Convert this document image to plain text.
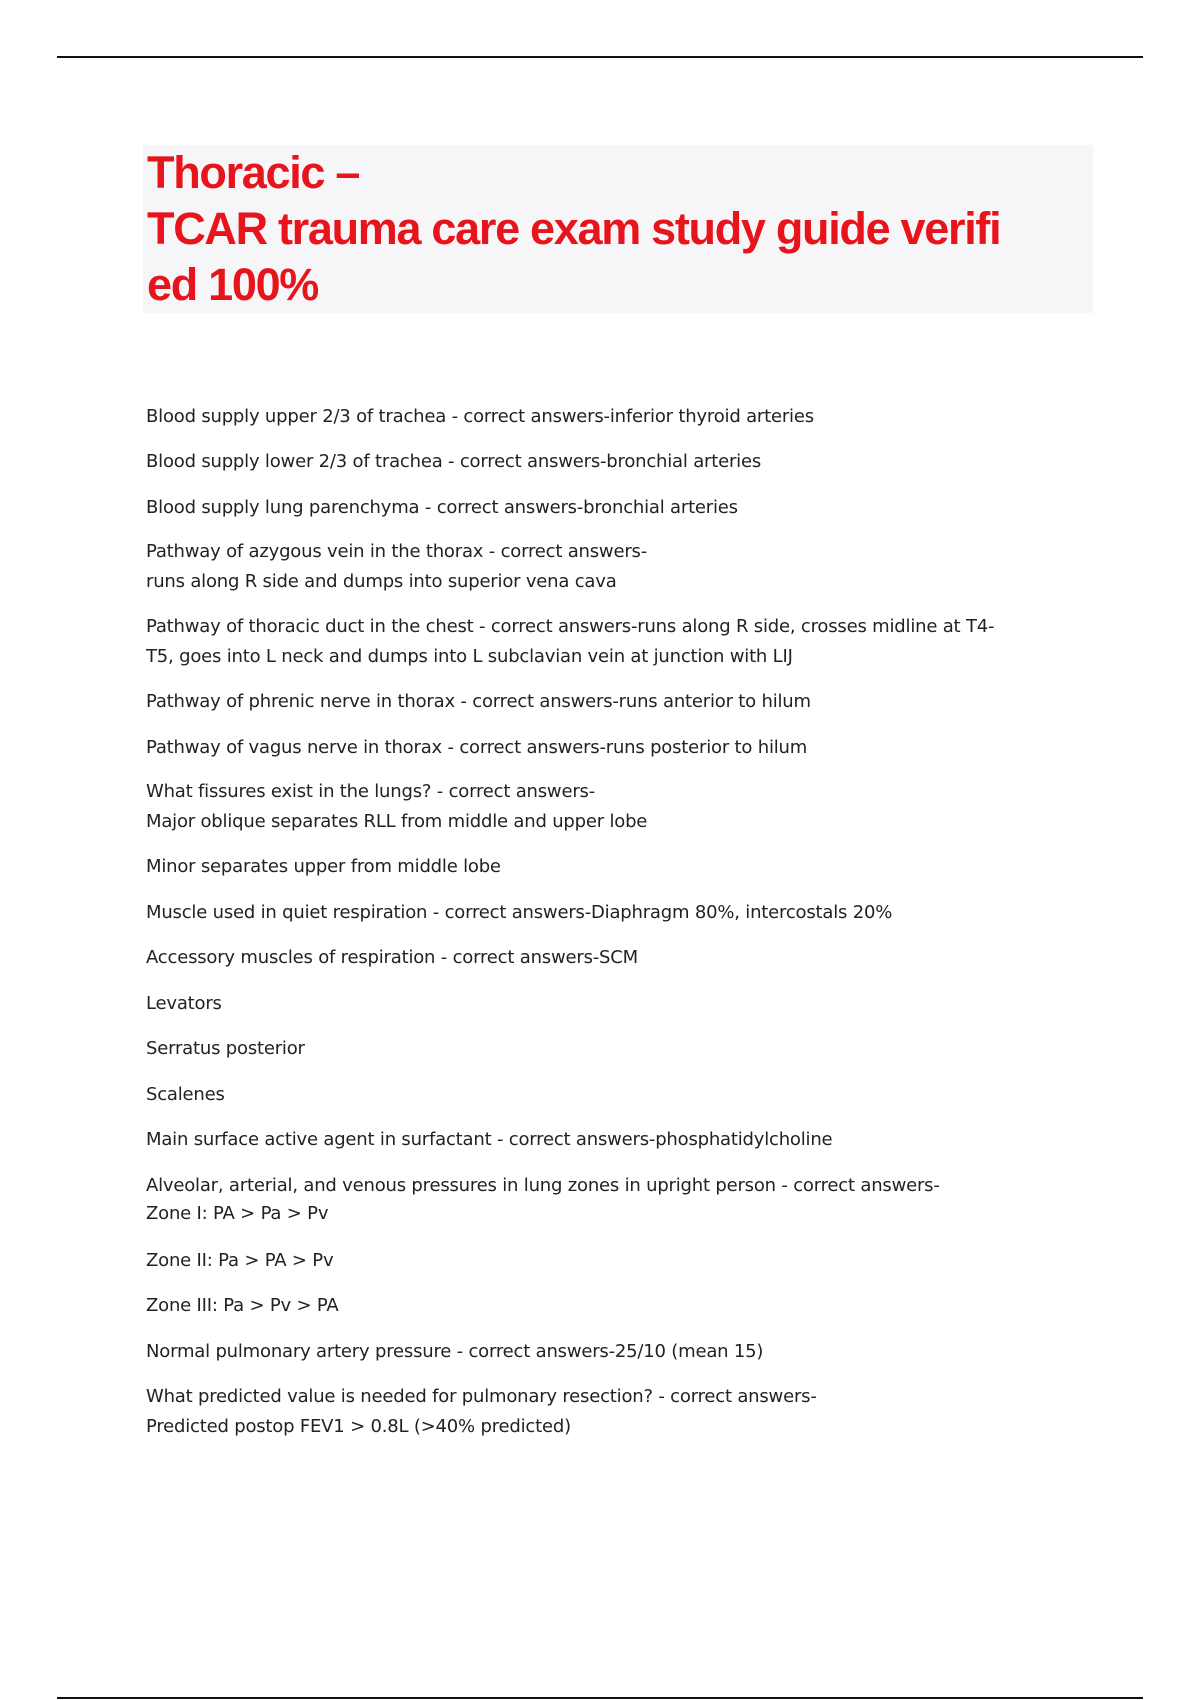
Thoracic –
TCAR trauma care exam study guide verifi
ed 100%
Blood supply upper 2/3 of trachea - correct answers-inferior thyroid arteries
Blood supply lower 2/3 of trachea - correct answers-bronchial arteries
Blood supply lung parenchyma - correct answers-bronchial arteries
Pathway of azygous vein in the thorax - correct answers-
runs along R side and dumps into superior vena cava
Pathway of thoracic duct in the chest - correct answers-runs along R side, crosses midline at T4-
T5, goes into L neck and dumps into L subclavian vein at junction with LIJ
Pathway of phrenic nerve in thorax - correct answers-runs anterior to hilum
Pathway of vagus nerve in thorax - correct answers-runs posterior to hilum
What fissures exist in the lungs? - correct answers-
Major oblique separates RLL from middle and upper lobe
Minor separates upper from middle lobe
Muscle used in quiet respiration - correct answers-Diaphragm 80%, intercostals 20%
Accessory muscles of respiration - correct answers-SCM
Levators
Serratus posterior
Scalenes
Main surface active agent in surfactant - correct answers-phosphatidylcholine
Alveolar, arterial, and venous pressures in lung zones in upright person - correct answers-
Zone I: PA > Pa > Pv
Zone II: Pa > PA > Pv
Zone III: Pa > Pv > PA
Normal pulmonary artery pressure - correct answers-25/10 (mean 15)
What predicted value is needed for pulmonary resection? - correct answers-
Predicted postop FEV1 > 0.8L (>40% predicted)
